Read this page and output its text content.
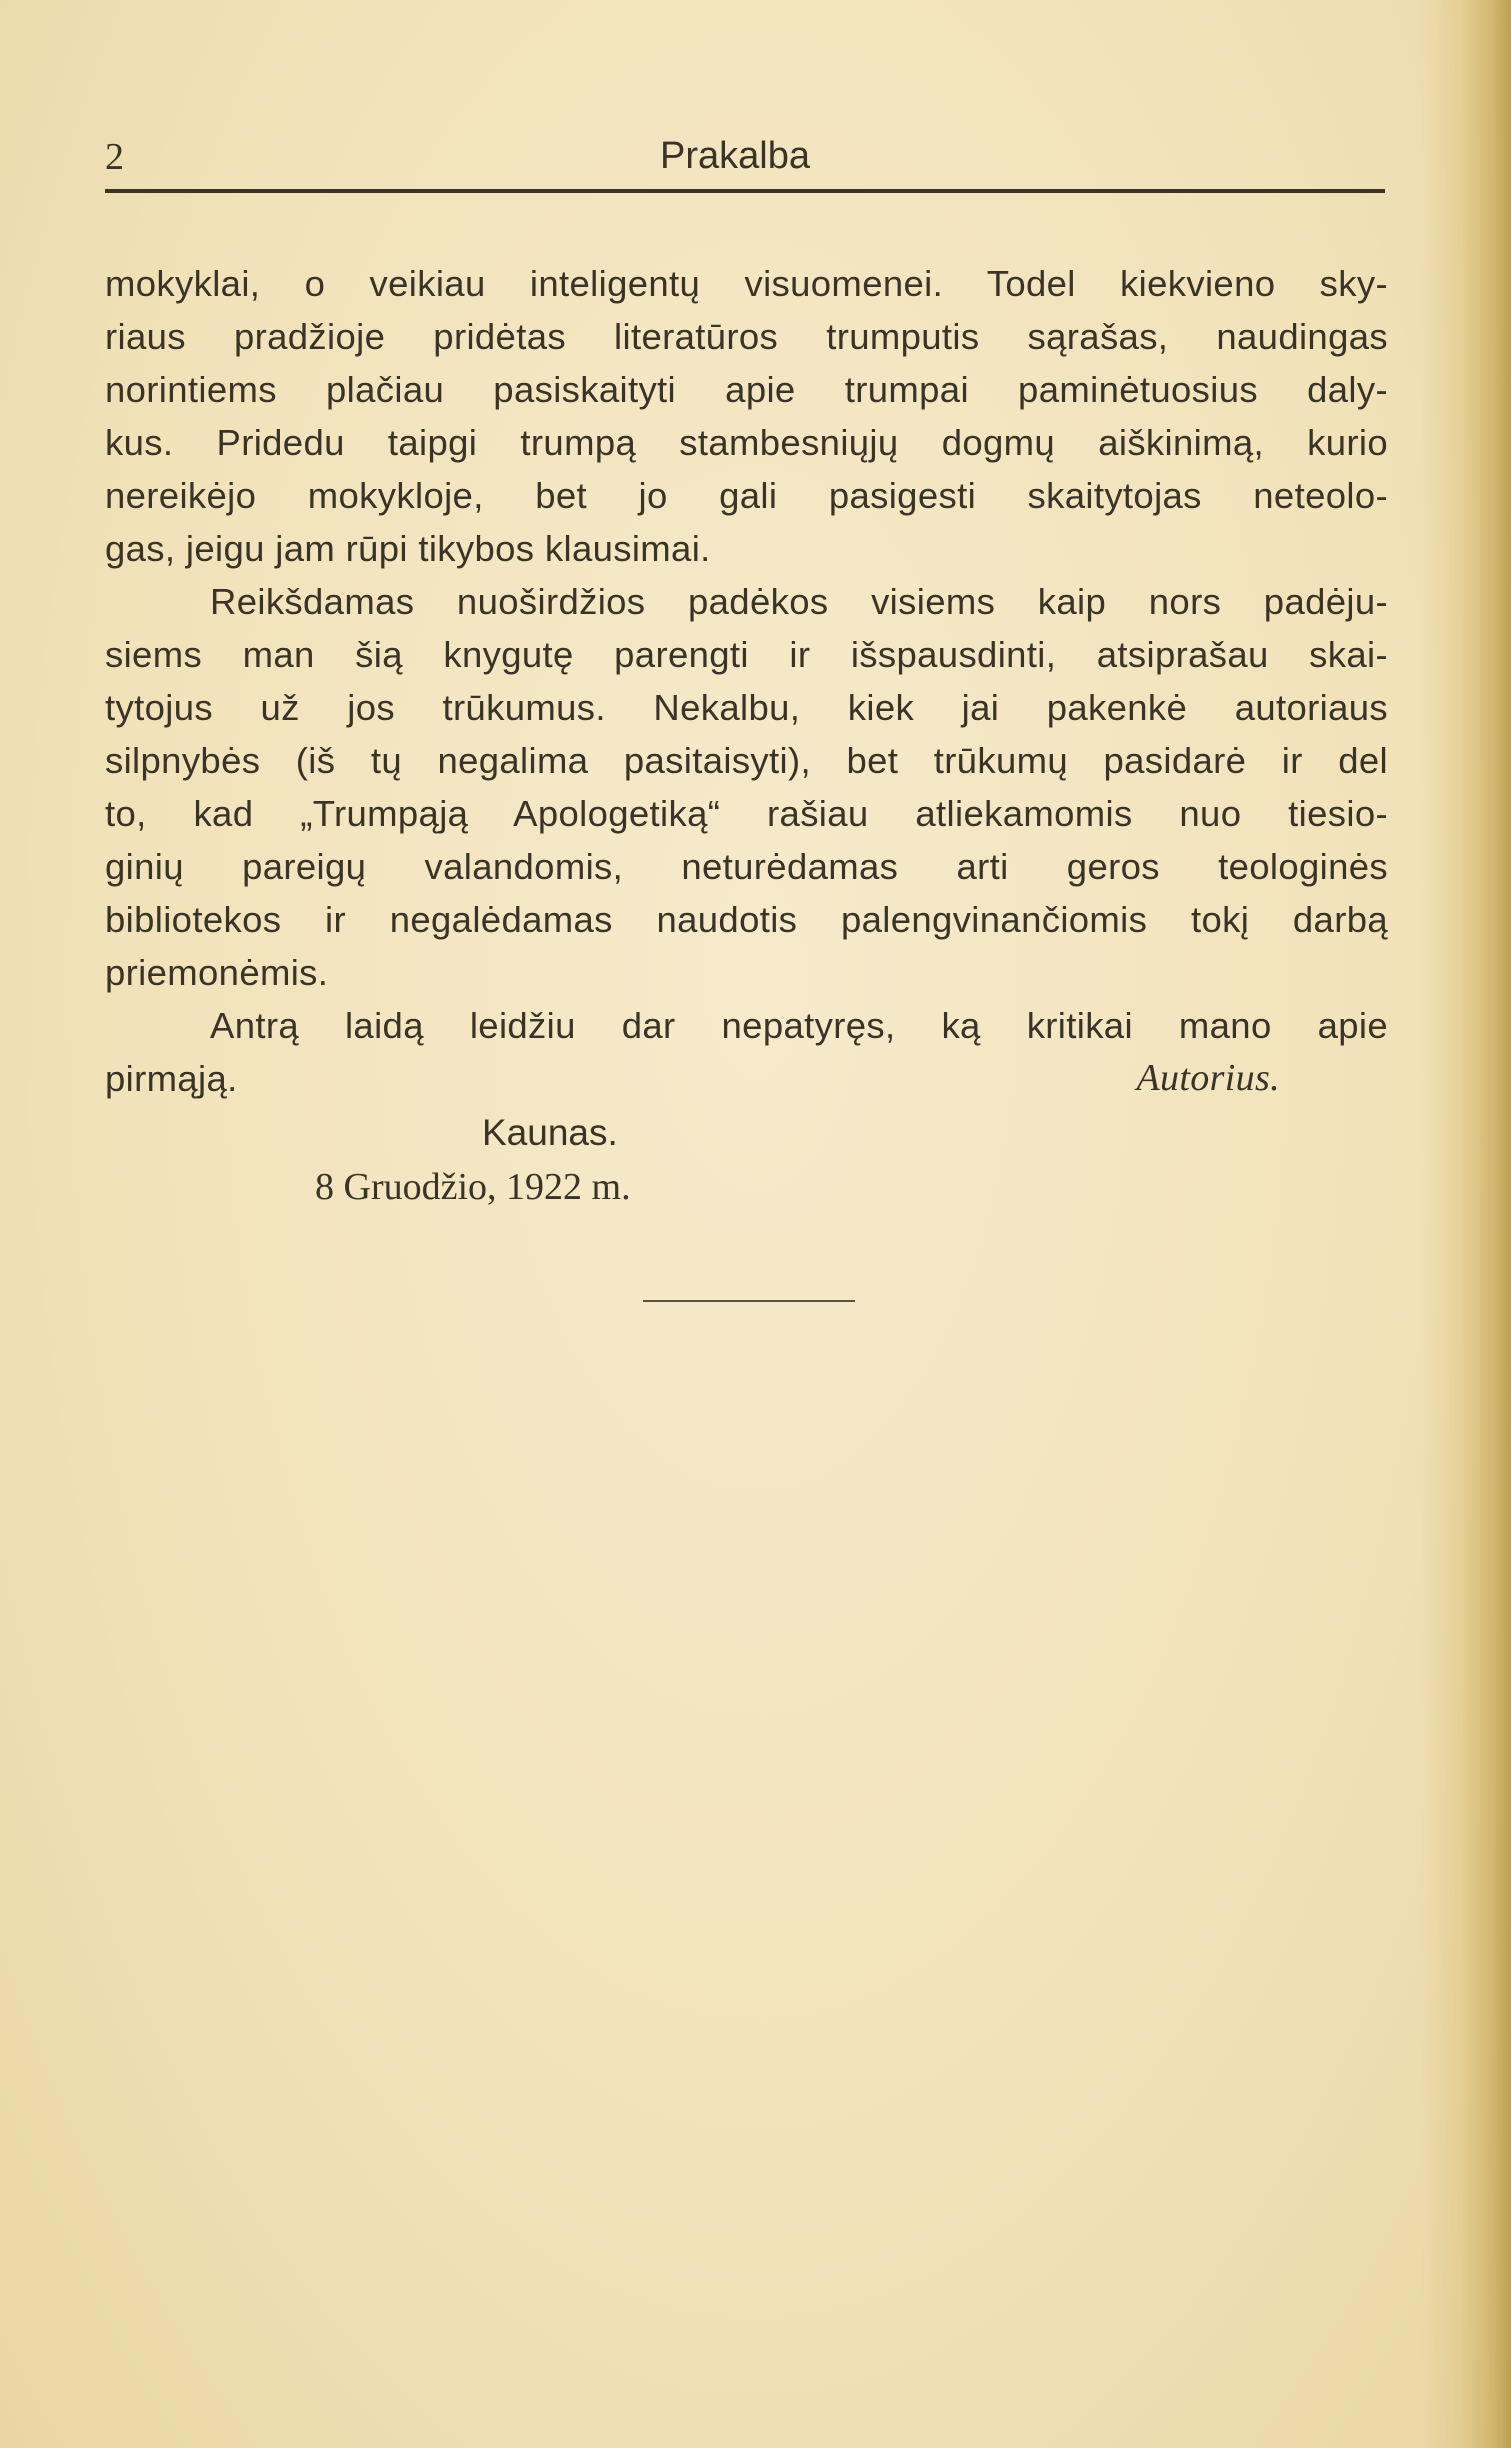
2	Prakalba
mokyklai, o veikiau inteligentų visuomenei. Todel kiekvieno sky-
riaus pradžioje pridėtas literatūros trumputis sąrašas, naudingas
norintiems plačiau pasiskaityti apie trumpai paminėtuosius daly-
kus. Pridedu taipgi trumpą stambesniųjų dogmų aiškinimą, kurio
nereikėjo mokykloje, bet jo gali pasigesti skaitytojas neteolo-
gas, jeigu jam rūpi tikybos klausimai.
Reikšdamas nuoširdžios padėkos visiems kaip nors padėju-
siems man šią knygutę parengti ir išspausdinti, atsiprašau skai-
tytojus už jos trūkumus. Nekalbu, kiek jai pakenkė autoriaus
silpnybės (iš tų negalima pasitaisyti), bet trūkumų pasidarė ir del
to, kad „Trumpąją Apologetiką“ rašiau atliekamomis nuo tiesio-
ginių pareigų valandomis, neturėdamas arti geros teologinės
bibliotekos ir negalėdamas naudotis palengvinančiomis tokį darbą
priemonėmis.
Antrą laidą leidžiu dar nepatyręs, ką kritikai mano apie
pirmąją.	Autorius.
Kaunas.
8 Gruodžio, 1922 m.
